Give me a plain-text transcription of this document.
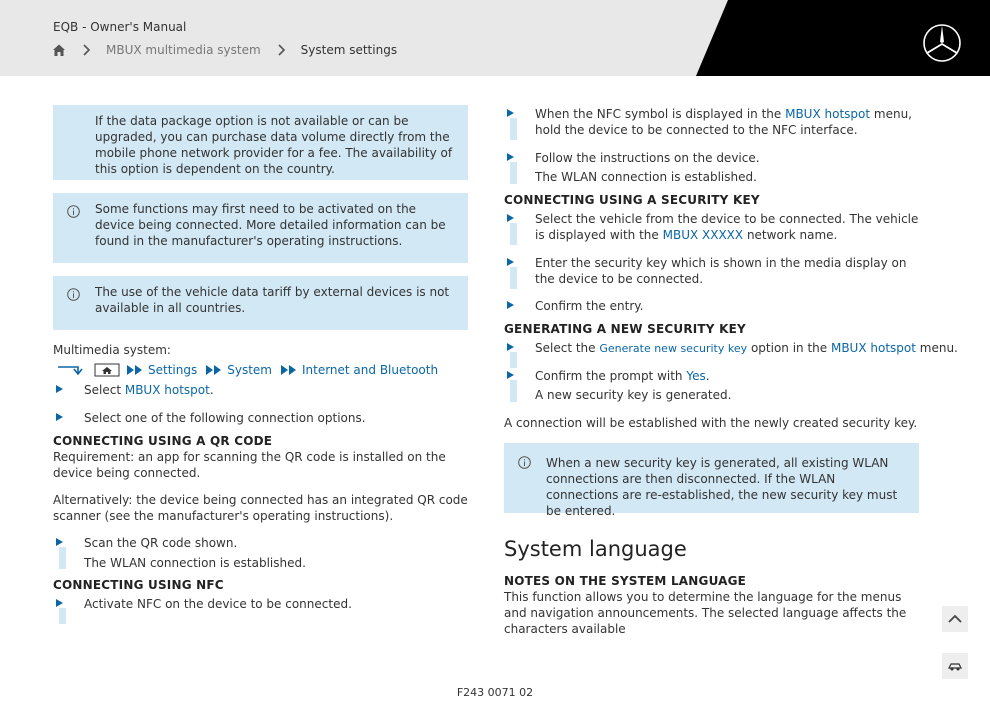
EQB - Owner's Manual
MBUX multimedia system	System settings
If the data package option is not available or can be upgraded, you can purchase data volume directly from the mobile phone network provider for a fee. The availability of this option is dependent on the country.
Some functions may first need to be activated on the device being connected. More detailed information can be found in the manufacturer's operating instructions.
The use of the vehicle data tariff by external devices is not available in all countries.
Multimedia system:
Settings	System	Internet and Bluetooth
Select MBUX hotspot.
Select one of the following connection options.
CONNECTING USING A QR CODE
Requirement: an app for scanning the QR code is installed on the device being connected.
Alternatively: the device being connected has an integrated QR code scanner (see the manufacturer's operating instructions).
Scan the QR code shown.
The WLAN connection is established.
CONNECTING USING NFC
Activate NFC on the device to be connected.
When the NFC symbol is displayed in the MBUX hotspot menu, hold the device to be connected to the NFC interface.
Follow the instructions on the device.
The WLAN connection is established.
CONNECTING USING A SECURITY KEY
Select the vehicle from the device to be connected. The vehicle is displayed with the MBUX XXXXX network name.
Enter the security key which is shown in the media display on the device to be connected.
Confirm the entry.
GENERATING A NEW SECURITY KEY
Select the Generate new security key option in the MBUX hotspot menu.
Confirm the prompt with Yes.
A new security key is generated.
A connection will be established with the newly created security key.
When a new security key is generated, all existing WLAN connections are then disconnected. If the WLAN connections are re-established, the new security key must be entered.
System language
NOTES ON THE SYSTEM LANGUAGE
This function allows you to determine the language for the menus and navigation announcements. The selected language affects the characters available
F243 0071 02
